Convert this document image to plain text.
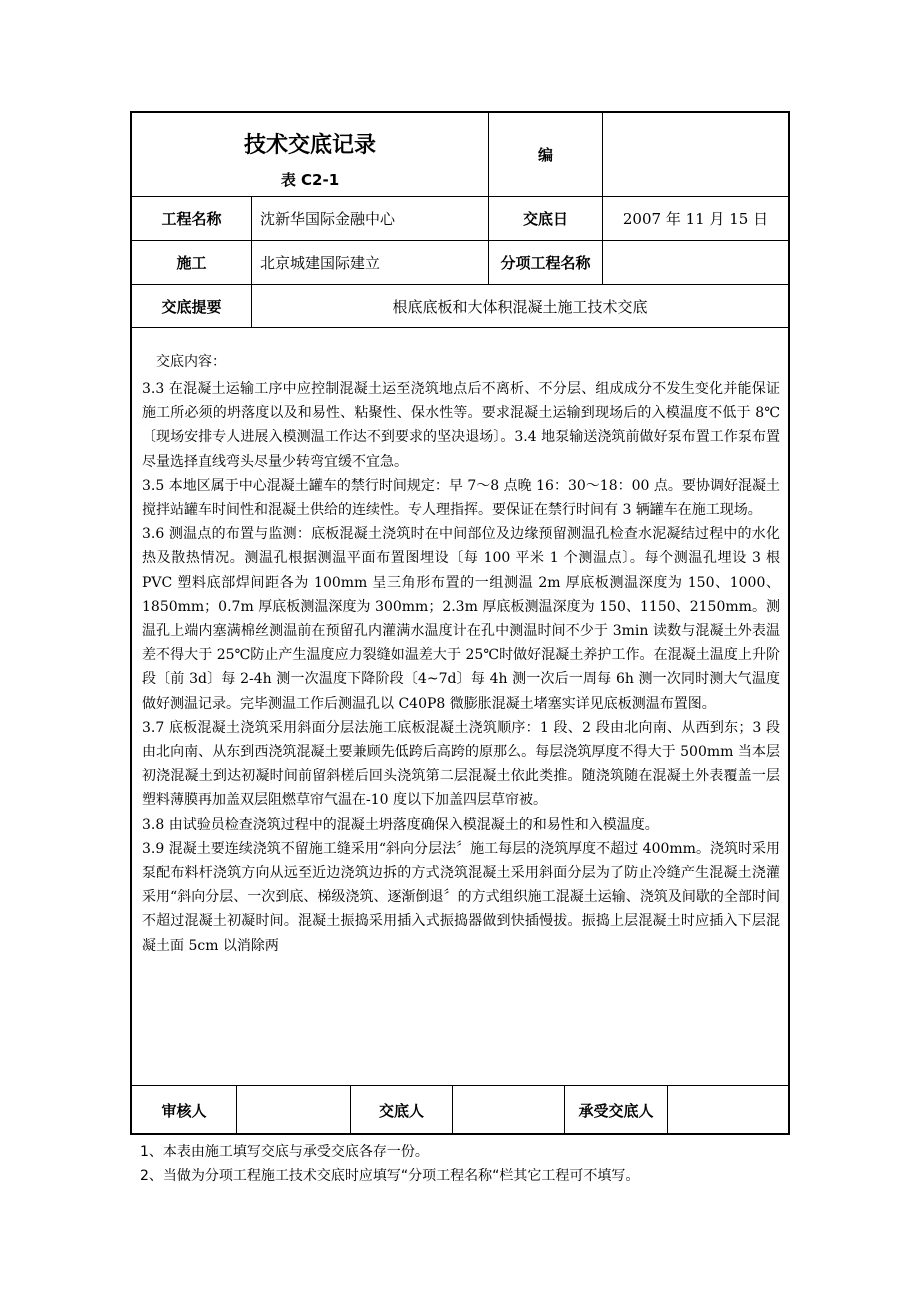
技术交底记录
表 C2-1
编
工程名称	沈新华国际金融中心	交底日	2007 年 11 月 15 日
施工	北京城建国际建立	分项工程名称
交底提要	根底底板和大体积混凝土施工技术交底
交底内容：

3.3 在混凝土运输工序中应控制混凝土运至浇筑地点后不离析、不分层、组成成分不发生变化并能保证施工所必须的坍落度以及和易性、粘聚性、保水性等。要求混凝土运输到现场后的入模温度不低于 8℃〔现场安排专人进展入模测温工作达不到要求的坚决退场〕。3.4 地泵输送浇筑前做好泵布置工作泵布置尽量选择直线弯头尽量少转弯宜缓不宜急。

3.5 本地区属于中心混凝土罐车的禁行时间规定：早 7～8 点晚 16：30～18：00 点。要协调好混凝土搅拌站罐车时间性和混凝土供给的连续性。专人理指挥。要保证在禁行时间有 3 辆罐车在施工现场。

3.6 测温点的布置与监测：底板混凝土浇筑时在中间部位及边缘预留测温孔检查水泥凝结过程中的水化热及散热情况。测温孔根据测温平面布置图埋设〔每 100 平米 1 个测温点〕。每个测温孔埋设 3 根 PVC 塑料底部焊间距各为 100mm 呈三角形布置的一组测温 2m 厚底板测温深度为 150、1000、1850mm；0.7m 厚底板测温深度为 300mm；2.3m 厚底板测温深度为 150、1150、2150mm。测温孔上端内塞满棉丝测温前在预留孔内灌满水温度计在孔中测温时间不少于 3min 读数与混凝土外表温差不得大于 25℃防止产生温度应力裂缝如温差大于 25℃时做好混凝土养护工作。在混凝土温度上升阶段〔前 3d〕每 2-4h 测一次温度下降阶段〔4~7d〕每 4h 测一次后一周每 6h 测一次同时测大气温度做好测温记录。完毕测温工作后测温孔以 C40P8 微膨胀混凝土堵塞实详见底板测温布置图。

3.7 底板混凝土浇筑采用斜面分层法施工底板混凝土浇筑顺序：1 段、2 段由北向南、从西到东；3 段由北向南、从东到西浇筑混凝土要兼顾先低跨后高跨的原那么。每层浇筑厚度不得大于 500mm 当本层初浇混凝土到达初凝时间前留斜槎后回头浇筑第二层混凝土依此类推。随浇筑随在混凝土外表覆盖一层塑料薄膜再加盖双层阻燃草帘气温在-10 度以下加盖四层草帘被。

3.8 由试验员检查浇筑过程中的混凝土坍落度确保入模混凝土的和易性和入模温度。

3.9 混凝土要连续浇筑不留施工缝采用“斜向分层法〞施工每层的浇筑厚度不超过 400mm。浇筑时采用泵配布料杆浇筑方向从远至近边浇筑边拆的方式浇筑混凝土采用斜面分层为了防止冷缝产生混凝土浇灌采用“斜向分层、一次到底、梯级浇筑、逐渐倒退〞的方式组织施工混凝土运输、浇筑及间歇的全部时间不超过混凝土初凝时间。混凝土振捣采用插入式振捣器做到快插慢拔。振捣上层混凝土时应插入下层混凝土面 5cm 以消除两

审核人	交底人	承受交底人
1、本表由施工填写交底与承受交底各存一份。
2、当做为分项工程施工技术交底时应填写“分项工程名称“栏其它工程可不填写。
